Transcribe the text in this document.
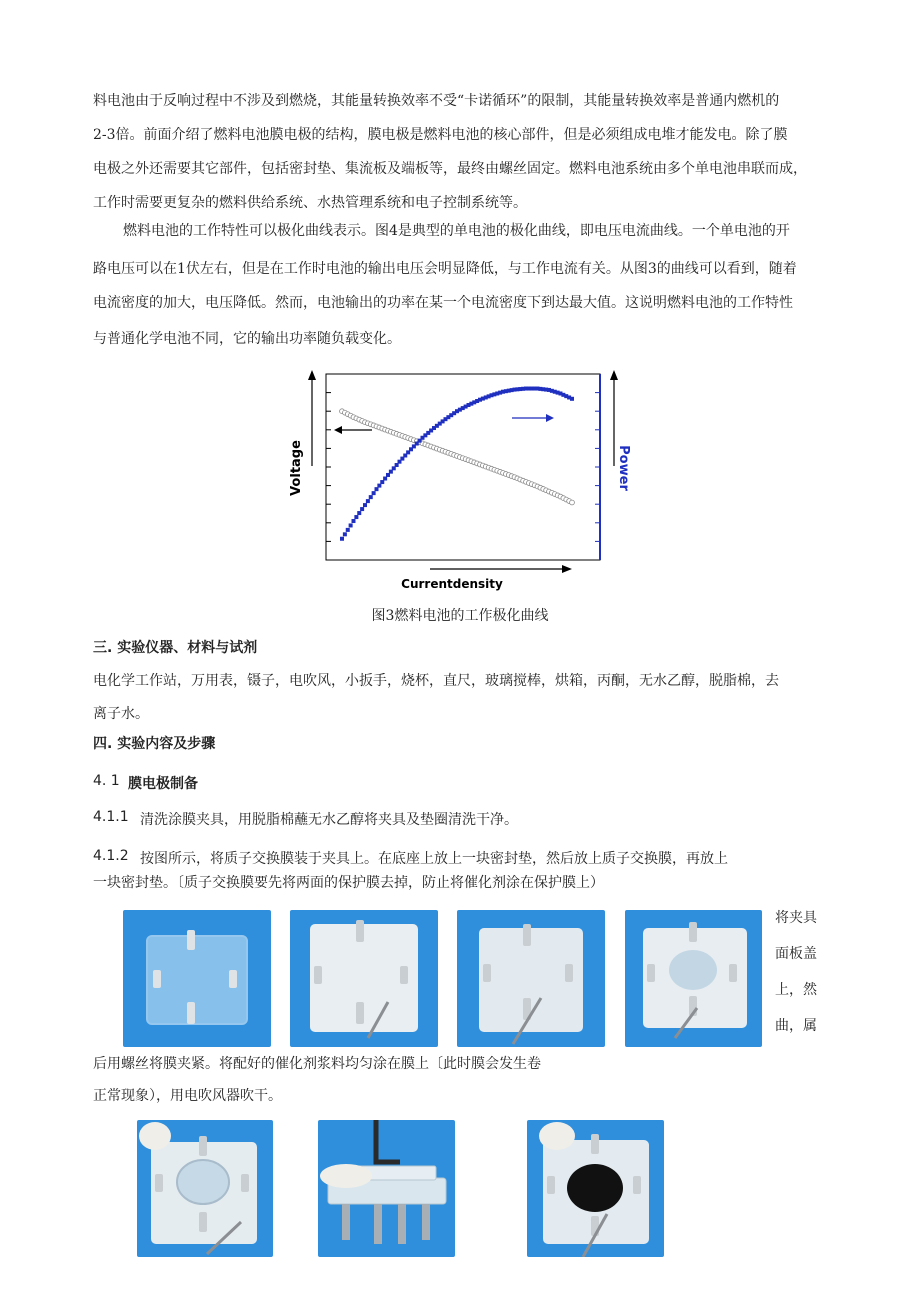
料电池由于反响过程中不涉及到燃烧，其能量转换效率不受“卡诺循环”的限制，其能量转换效率是普通内燃机的
2-3倍。前面介绍了燃料电池膜电极的结构，膜电极是燃料电池的核心部件，但是必须组成电堆才能发电。除了膜
电极之外还需要其它部件，包括密封垫、集流板及端板等，最终由螺丝固定。燃料电池系统由多个单电池串联而成，
工作时需要更复杂的燃料供给系统、水热管理系统和电子控制系统等。
燃料电池的工作特性可以极化曲线表示。图4是典型的单电池的极化曲线，即电压电流曲线。一个单电池的开
路电压可以在1伏左右，但是在工作时电池的输出电压会明显降低，与工作电流有关。从图3的曲线可以看到，随着
电流密度的加大，电压降低。然而，电池输出的功率在某一个电流密度下到达最大值。这说明燃料电池的工作特性
与普通化学电池不同，它的输出功率随负载变化。
Voltage	Power
Currentdensity
图3燃料电池的工作极化曲线
三. 实验仪器、材料与试剂
电化学工作站，万用表，镊子，电吹风，小扳手，烧杯，直尺，玻璃搅棒，烘箱，丙酮，无水乙醇，脱脂棉，去
离子水。
四. 实验内容及步骤
4. 1 膜电极制备
4.1.1 清洗涂膜夹具，用脱脂棉蘸无水乙醇将夹具及垫圈清洗干净。
4.1.2 按图所示，将质子交换膜装于夹具上。在底座上放上一块密封垫，然后放上质子交换膜，再放上
一块密封垫。〔质子交换膜要先将两面的保护膜去掉，防止将催化剂涂在保护膜上）
将夹具
面板盖
上，然
曲，属
后用螺丝将膜夹紧。将配好的催化剂浆料均匀涂在膜上〔此时膜会发生卷
正常现象），用电吹风器吹干。
